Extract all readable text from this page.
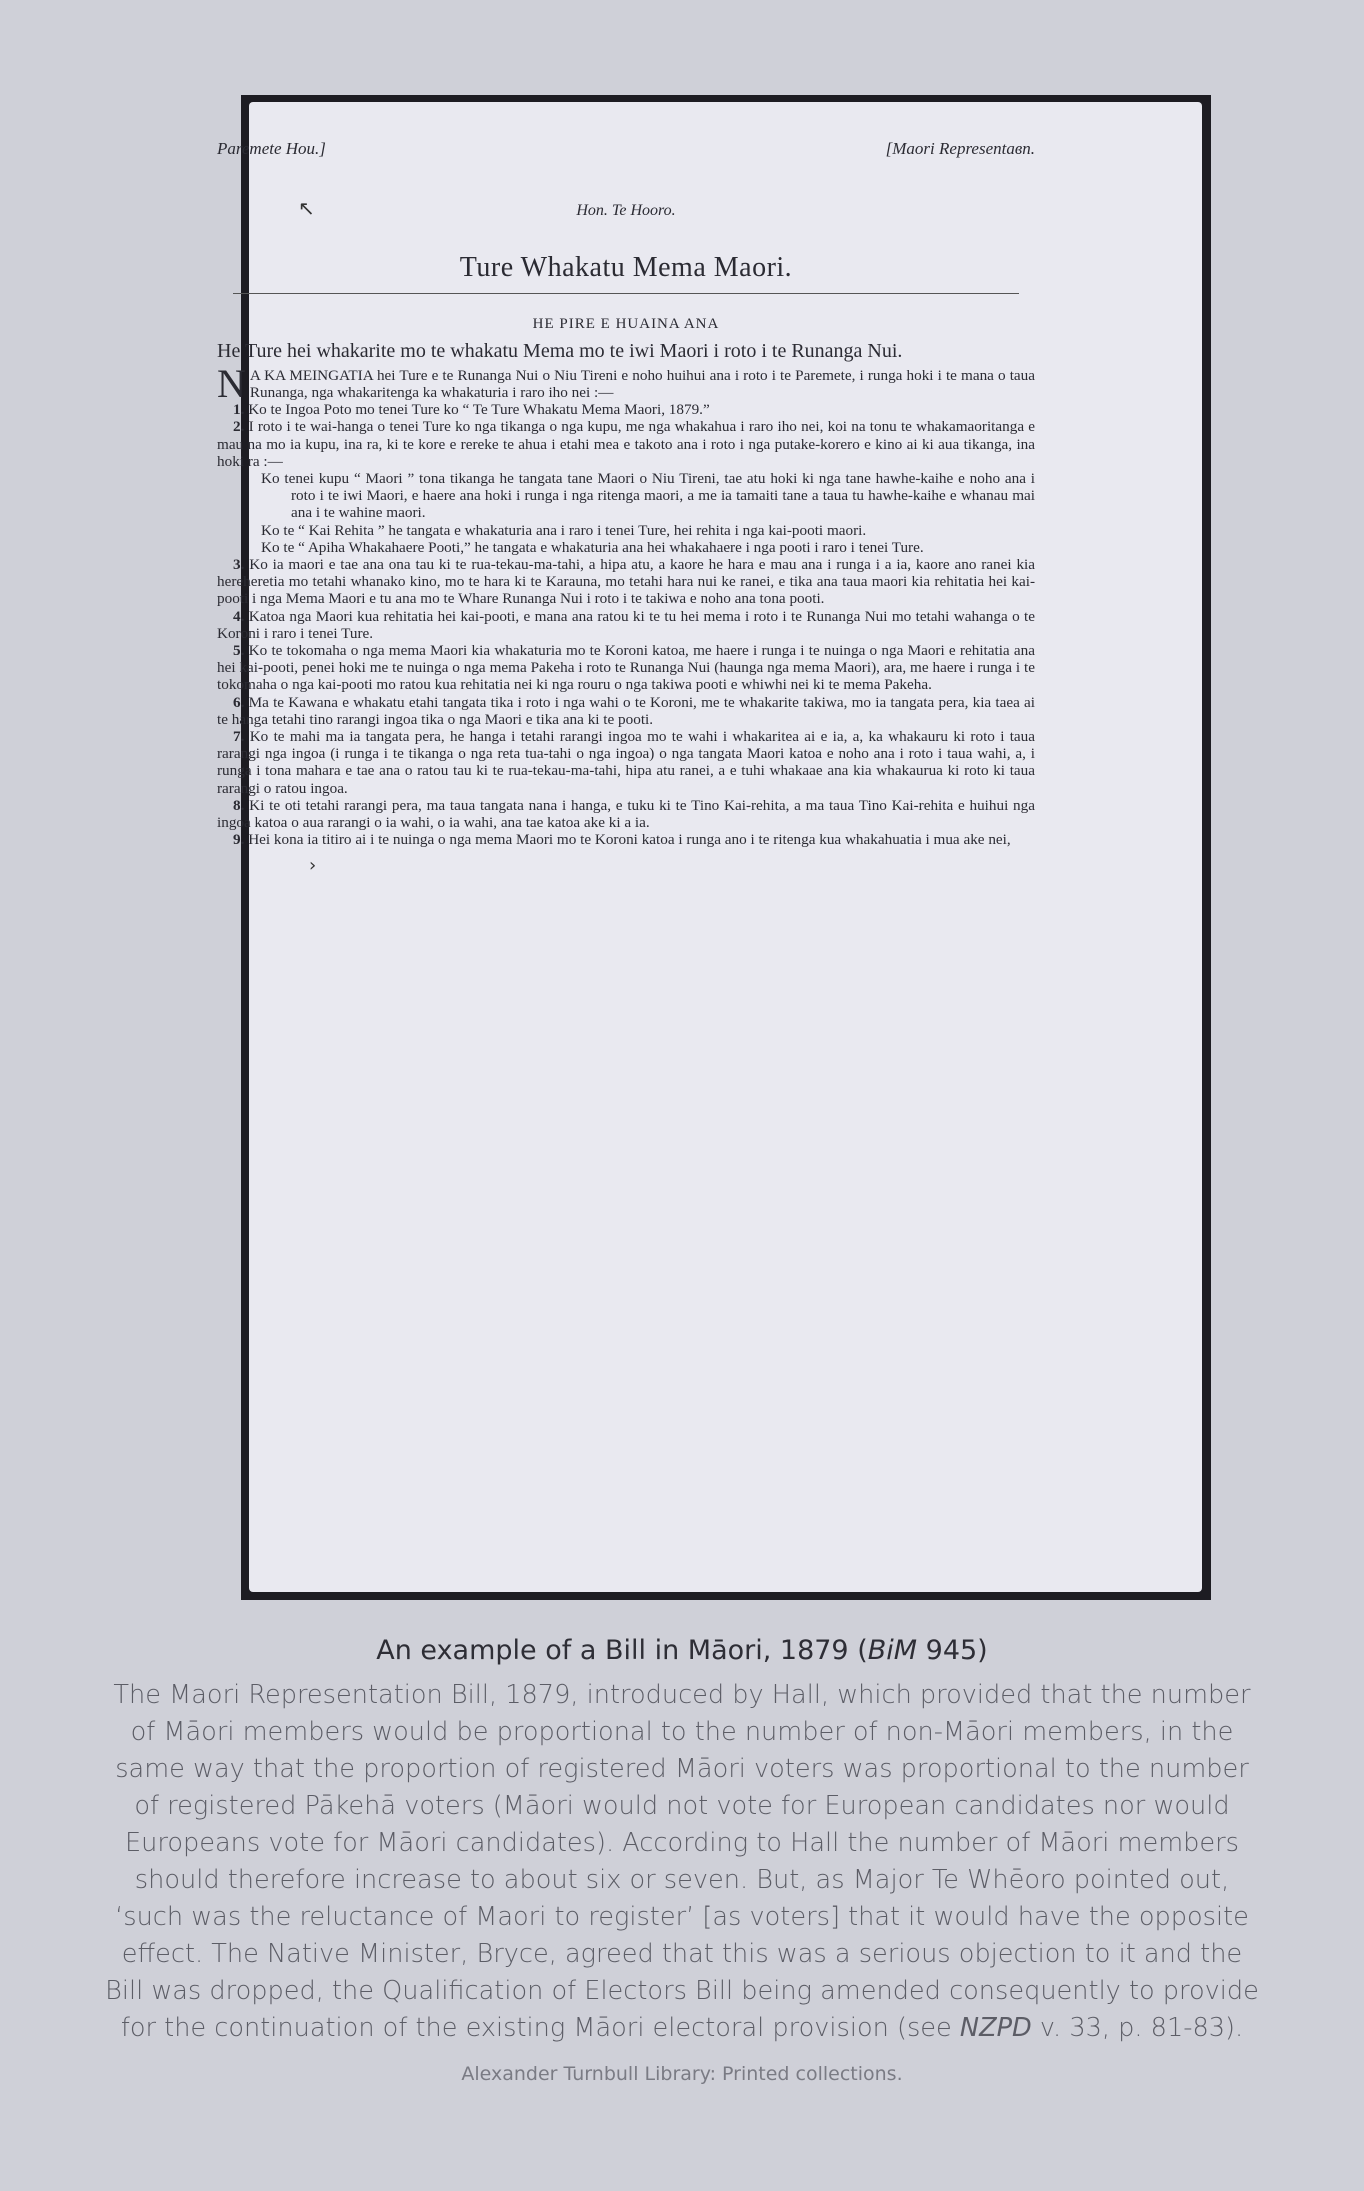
↖
›
Paremete Hou.]	[Maori Representaвn.
Hon. Te Hooro.
Ture Whakatu Mema Maori.
HE PIRE E HUAINA ANA
He Ture hei whakarite mo te whakatu Mema mo te iwi Maori i roto i te Runanga Nui.

N A KA MEINGATIA hei Ture e te Runanga Nui o Niu Tireni e noho huihui ana i roto i te Paremete, i runga hoki i te mana o taua Runanga, nga whakaritenga ka whakaturia i raro iho nei :—

1. Ko te Ingoa Poto mo tenei Ture ko “ Te Ture Whakatu Mema Maori, 1879.”

2. I roto i te wai-hanga o tenei Ture ko nga tikanga o nga kupu, me nga whakahua i raro iho nei, koi na tonu te whakamaoritanga e mau na mo ia kupu, ina ra, ki te kore e rereke te ahua i etahi mea e takoto ana i roto i nga putake-korero e kino ai ki aua tikanga, ina hoki ra :—

Ko tenei kupu “ Maori ” tona tikanga he tangata tane Maori o Niu Tireni, tae atu hoki ki nga tane hawhe-kaihe e noho ana i roto i te iwi Maori, e haere ana hoki i runga i nga ritenga maori, a me ia tamaiti tane a taua tu hawhe-kaihe e whanau mai ana i te wahine maori.

Ko te “ Kai Rehita ” he tangata e whakaturia ana i raro i tenei Ture, hei rehita i nga kai-pooti maori.

Ko te “ Apiha Whakahaere Pooti,” he tangata e whakaturia ana hei whakahaere i nga pooti i raro i tenei Ture.

3. Ko ia maori e tae ana ona tau ki te rua-tekau-ma-tahi, a hipa atu, a kaore he hara e mau ana i runga i a ia, kaore ano ranei kia hereheretia mo tetahi whanako kino, mo te hara ki te Karauna, mo tetahi hara nui ke ranei, e tika ana taua maori kia rehitatia hei kai-pooti i nga Mema Maori e tu ana mo te Whare Runanga Nui i roto i te takiwa e noho ana tona pooti.

4. Katoa nga Maori kua rehitatia hei kai-pooti, e mana ana ratou ki te tu hei mema i roto i te Runanga Nui mo tetahi wahanga o te Koroni i raro i tenei Ture.

5. Ko te tokomaha o nga mema Maori kia whakaturia mo te Koroni katoa, me haere i runga i te nuinga o nga Maori e rehitatia ana hei kai-pooti, penei hoki me te nuinga o nga mema Pakeha i roto te Runanga Nui (haunga nga mema Maori), ara, me haere i runga i te tokomaha o nga kai-pooti mo ratou kua rehitatia nei ki nga rouru o nga takiwa pooti e whiwhi nei ki te mema Pakeha.

6. Ma te Kawana e whakatu etahi tangata tika i roto i nga wahi o te Koroni, me te whakarite takiwa, mo ia tangata pera, kia taea ai te hanga tetahi tino rarangi ingoa tika o nga Maori e tika ana ki te pooti.

7. Ko te mahi ma ia tangata pera, he hanga i tetahi rarangi ingoa mo te wahi i whakaritea ai e ia, a, ka whakauru ki roto i taua rarangi nga ingoa (i runga i te tikanga o nga reta tua-tahi o nga ingoa) o nga tangata Maori katoa e noho ana i roto i taua wahi, a, i runga i tona mahara e tae ana o ratou tau ki te rua-tekau-ma-tahi, hipa atu ranei, a e tuhi whakaae ana kia whakaurua ki roto ki taua rarangi o ratou ingoa.

8. Ki te oti tetahi rarangi pera, ma taua tangata nana i hanga, e tuku ki te Tino Kai-rehita, a ma taua Tino Kai-rehita e huihui nga ingoa katoa o aua rarangi o ia wahi, o ia wahi, ana tae katoa ake ki a ia.

9. Hei kona ia titiro ai i te nuinga o nga mema Maori mo te Koroni katoa i runga ano i te ritenga kua whakahuatia i mua ake nei,

An example of a Bill in Māori, 1879 (BiM 945)
The Maori Representation Bill, 1879, introduced by Hall, which provided that the number of Māori members would be proportional to the number of non-Māori members, in the same way that the proportion of registered Māori voters was proportional to the number of registered Pākehā voters (Māori would not vote for European candidates nor would Europeans vote for Māori candidates). According to Hall the number of Māori members should therefore increase to about six or seven. But, as Major Te Whēoro pointed out, ‘such was the reluctance of Maori to register’ [as voters] that it would have the opposite effect. The Native Minister, Bryce, agreed that this was a serious objection to it and the Bill was dropped, the Qualification of Electors Bill being amended consequently to provide for the continuation of the existing Māori electoral provision (see NZPD v. 33, p. 81-83).
Alexander Turnbull Library: Printed collections.
